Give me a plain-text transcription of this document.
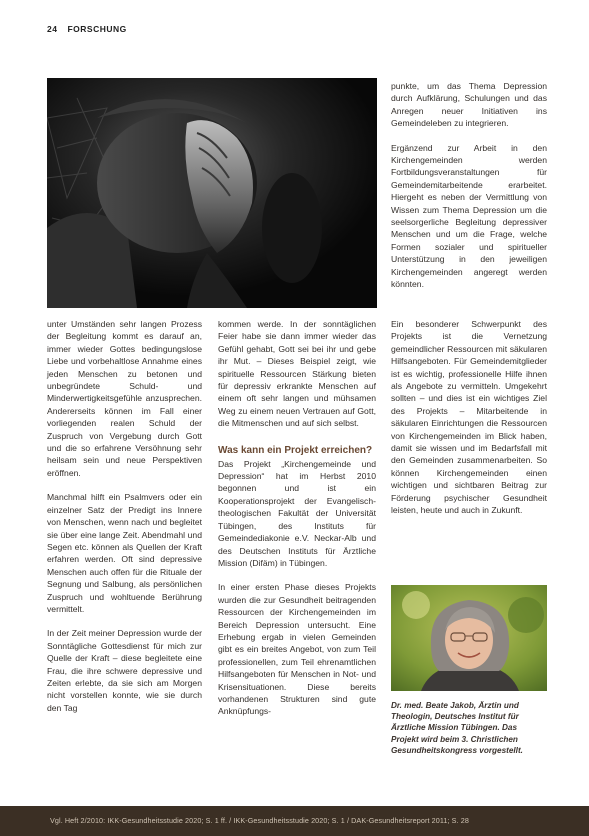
24 FORSCHUNG

punkte, um das Thema Depression durch Aufklärung, Schulungen und das Anregen neuer Initiativen ins Gemeindeleben zu integrieren.

Ergänzend zur Arbeit in den Kirchengemeinden werden Fortbildungsveranstaltungen für Gemeindemitarbeitende erarbeitet. Hiergeht es neben der Vermittlung von Wissen zum Thema Depression um die seelsorgerliche Begleitung depressiver Menschen und um die Frage, welche Formen sozialer und spiritueller Unterstützung in den jeweiligen Kirchengemeinden angeregt werden könnten.

unter Umständen sehr langen Prozess der Begleitung kommt es darauf an, immer wieder Gottes bedingungslose Liebe und vorbehaltlose Annahme eines jeden Menschen zu betonen und unbegründete Schuld- und Minderwertigkeitsgefühle anzusprechen. Andererseits können im Fall einer vorliegenden realen Schuld der Zuspruch von Vergebung durch Gott und die so erfahrene Versöhnung sehr heilsam sein und neue Perspektiven eröffnen.

Manchmal hilft ein Psalmvers oder ein einzelner Satz der Predigt ins Innere von Menschen, wenn nach und begleitet sie über eine lange Zeit. Abendmahl und Segen etc. können als Quellen der Kraft erfahren werden. Oft sind depressive Menschen auch offen für die Rituale der Segnung und Salbung, als persönlichen Zuspruch und wohltuende Berührung vermittelt.

In der Zeit meiner Depression wurde der Sonntägliche Gottesdienst für mich zur Quelle der Kraft – diese begleitete eine Frau, die ihre schwere depressive und Zeiten erlebte, da sie sich am Morgen nicht vorstellen konnte, wie sie durch den Tag

kommen werde. In der sonntäglichen Feier habe sie dann immer wieder das Gefühl gehabt, Gott sei bei ihr und gebe ihr Mut. – Dieses Beispiel zeigt, wie spirituelle Ressourcen Stärkung bieten für depressiv erkrankte Menschen auf einem oft sehr langen und mühsamen Weg zu einem neuen Vertrauen auf Gott, die Mitmenschen und auf sich selbst.

Was kann ein Projekt erreichen?

Das Projekt „Kirchengemeinde und Depression“ hat im Herbst 2010 begonnen und ist ein Kooperationsprojekt der Evangelisch-theologischen Fakultät der Universität Tübingen, des Instituts für Gemeindediakonie e.V. Neckar-Alb und des Deutschen Instituts für Ärztliche Mission (Difäm) in Tübingen.

In einer ersten Phase dieses Projekts wurden die zur Gesundheit beitragenden Ressourcen der Kirchengemeinden im Bereich Depression untersucht. Eine Erhebung ergab in vielen Gemeinden gibt es ein breites Angebot, von zum Teil professionellen, zum Teil ehrenamtlichen Hilfsangeboten für Menschen in Not- und Krisensituationen. Diese bereits vorhandenen Strukturen sind gute Anknüpfungs-

Ein besonderer Schwerpunkt des Projekts ist die Vernetzung gemeindlicher Ressourcen mit säkularen Hilfsangeboten. Für Gemeindemitglieder ist es wichtig, professionelle Hilfe ihnen als Angebote zu vermitteln. Umgekehrt sollten – und dies ist ein wichtiges Ziel des Projekts – Mitarbeitende in säkularen Einrichtungen die Ressourcen von Kirchengemeinden im Blick haben, damit sie wissen und im Bedarfsfall mit den Gemeinden zusammenarbeiten. So können Kirchengemeinden einen wichtigen und sichtbaren Beitrag zur Förderung psychischer Gesundheit leisten, heute und auch in Zukunft.

Dr. med. Beate Jakob, Ärztin und Theologin, Deutsches Institut für Ärztliche Mission Tübingen. Das Projekt wird beim 3. Christlichen Gesundheitskongress vorgestellt.
Vgl. Heft 2/2010: IKK-Gesundheitsstudie 2020; S. 1 ff. / IKK-Gesundheitsstudie 2020; S. 1 / DAK-Gesundheitsreport 2011; S. 28
